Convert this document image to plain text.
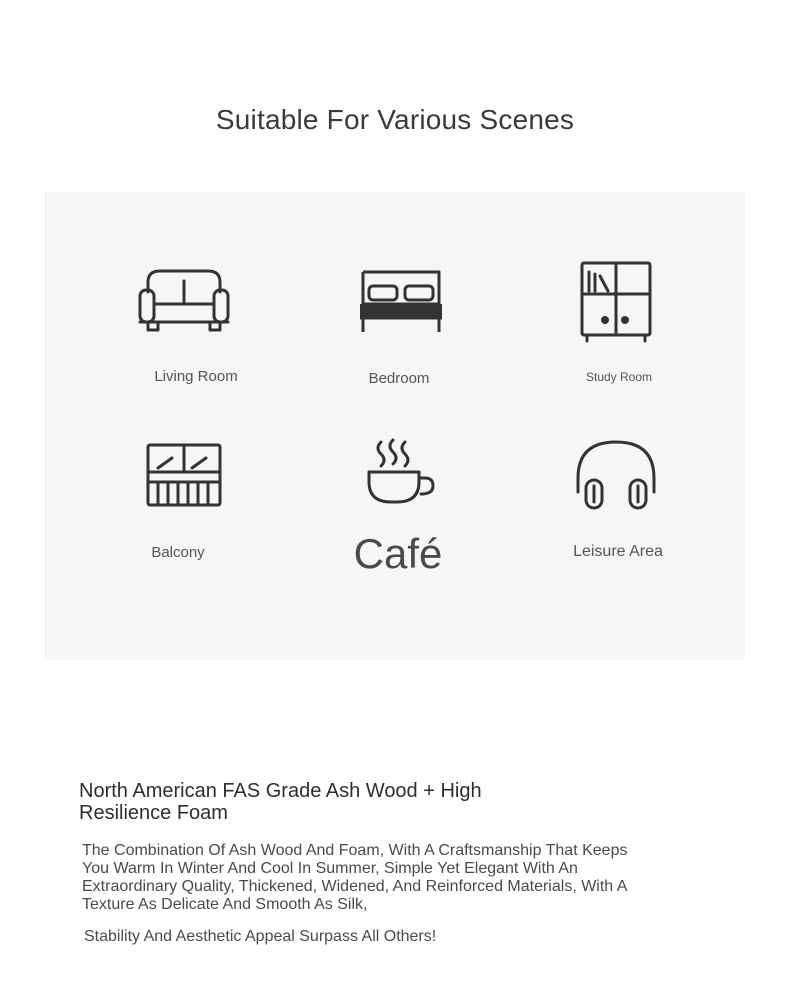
Suitable For Various Scenes
Living Room	Bedroom	Study Room
Balcony	Café	Leisure Area
North American FAS Grade Ash Wood + High Resilience Foam
The Combination Of Ash Wood And Foam, With A Craftsmanship That Keeps You Warm In Winter And Cool In Summer, Simple Yet Elegant With An Extraordinary Quality, Thickened, Widened, And Reinforced Materials, With A Texture As Delicate And Smooth As Silk,
Stability And Aesthetic Appeal Surpass All Others!
